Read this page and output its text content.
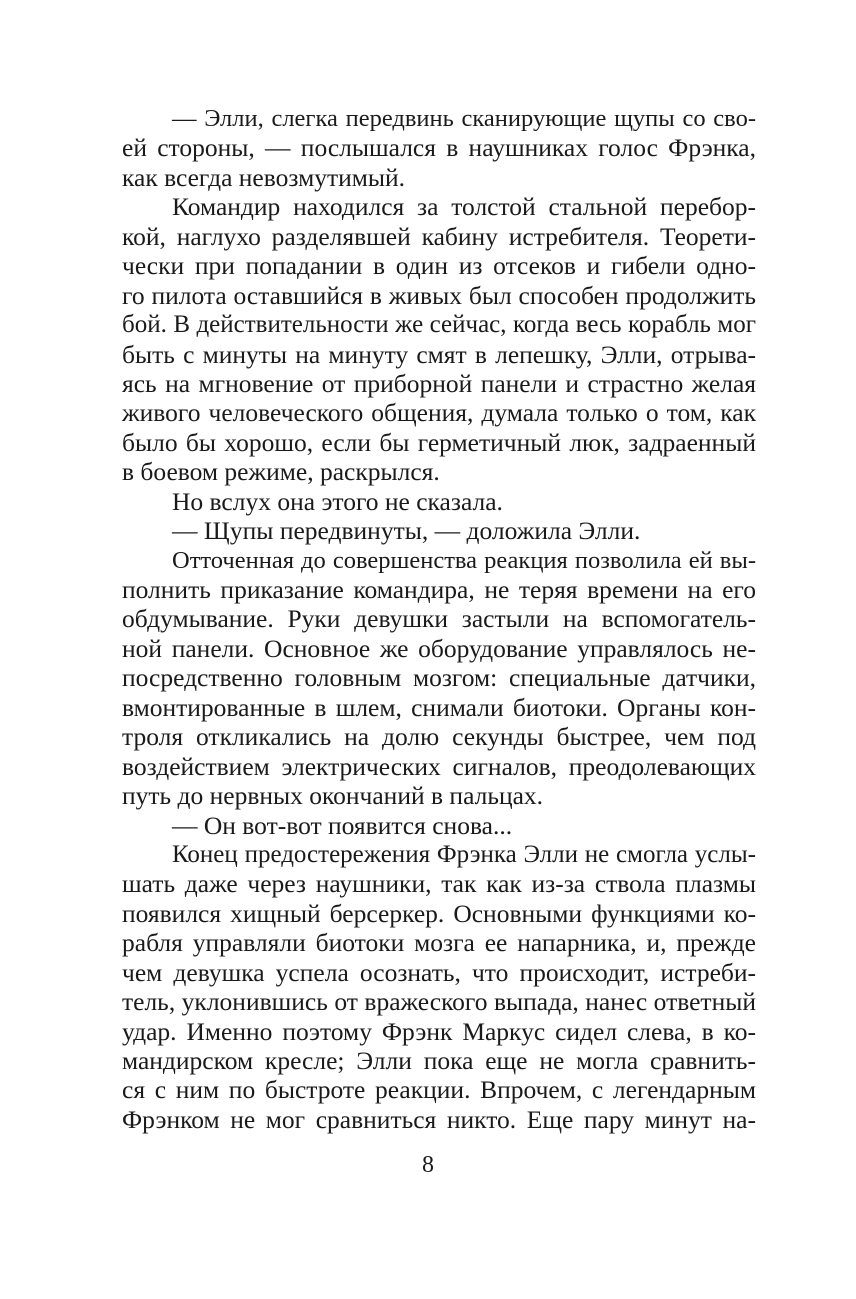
— Элли, слегка передвинь сканирующие щупы со сво-
ей стороны, — послышался в наушниках голос Фрэнка,
как всегда невозмутимый.
Командир находился за толстой стальной перебор-
кой, наглухо разделявшей кабину истребителя. Теорети-
чески при попадании в один из отсеков и гибели одно-
го пилота оставшийся в живых был способен продолжить
бой. В действительности же сейчас, когда весь корабль мог
быть с минуты на минуту смят в лепешку, Элли, отрыва-
ясь на мгновение от приборной панели и страстно желая
живого человеческого общения, думала только о том, как
было бы хорошо, если бы герметичный люк, задраенный
в боевом режиме, раскрылся.
Но вслух она этого не сказала.
— Щупы передвинуты, — доложила Элли.
Отточенная до совершенства реакция позволила ей вы-
полнить приказание командира, не теряя времени на его
обдумывание. Руки девушки застыли на вспомогатель-
ной панели. Основное же оборудование управлялось не-
посредственно головным мозгом: специальные датчики,
вмонтированные в шлем, снимали биотоки. Органы кон-
троля откликались на долю секунды быстрее, чем под
воздействием электрических сигналов, преодолевающих
путь до нервных окончаний в пальцах.
— Он вот-вот появится снова...
Конец предостережения Фрэнка Элли не смогла услы-
шать даже через наушники, так как из-за ствола плазмы
появился хищный берсеркер. Основными функциями ко-
рабля управляли биотоки мозга ее напарника, и, прежде
чем девушка успела осознать, что происходит, истреби-
тель, уклонившись от вражеского выпада, нанес ответный
удар. Именно поэтому Фрэнк Маркус сидел слева, в ко-
мандирском кресле; Элли пока еще не могла сравнить-
ся с ним по быстроте реакции. Впрочем, с легендарным
Фрэнком не мог сравниться никто. Еще пару минут на-
8
